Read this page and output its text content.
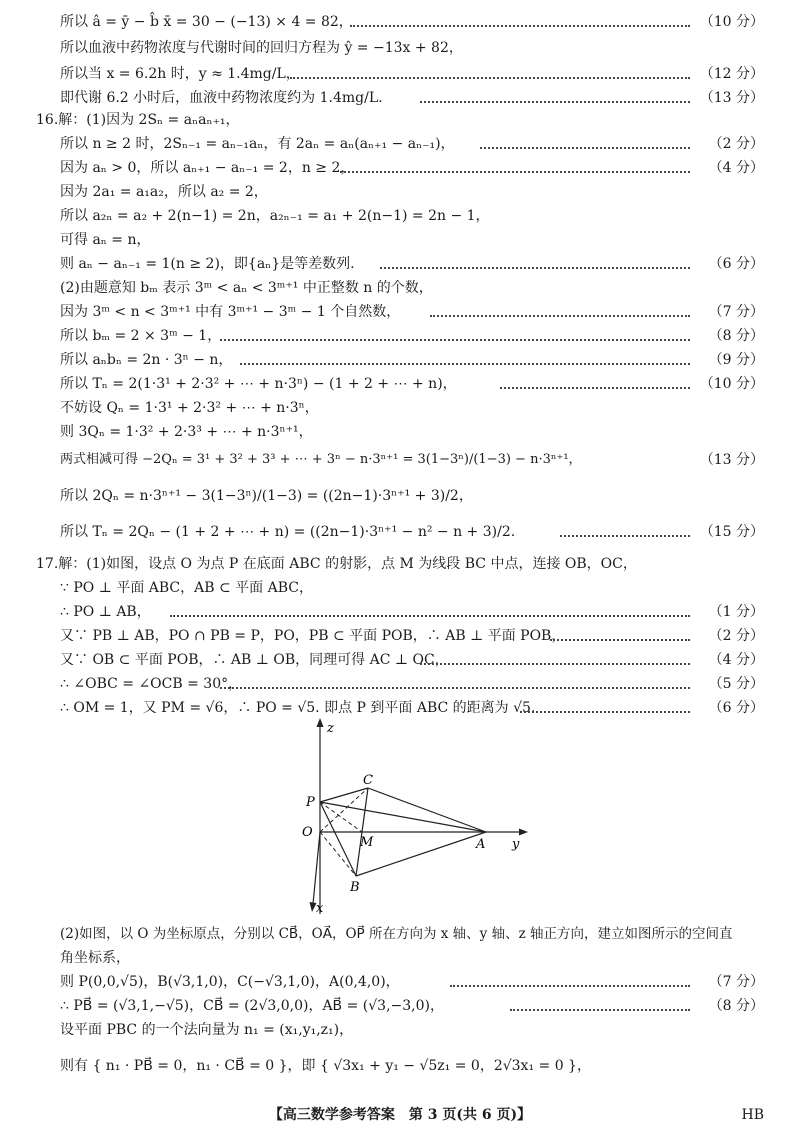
所以 â = ȳ − b̂ x̄ = 30 − (−13) × 4 = 82，	（10 分）
所以血液中药物浓度与代谢时间的回归方程为 ŷ = −13x + 82，
所以当 x = 6.2h 时，y ≈ 1.4mg/L，	（12 分）
即代谢 6.2 小时后，血液中药物浓度约为 1.4mg/L.	（13 分）
16.解：(1)因为 2Sₙ = aₙaₙ₊₁，
所以 n ≥ 2 时，2Sₙ₋₁ = aₙ₋₁aₙ，有 2aₙ = aₙ(aₙ₊₁ − aₙ₋₁)，	（2 分）
因为 aₙ > 0，所以 aₙ₊₁ − aₙ₋₁ = 2，n ≥ 2，	（4 分）
因为 2a₁ = a₁a₂，所以 a₂ = 2，
所以 a₂ₙ = a₂ + 2(n−1) = 2n，a₂ₙ₋₁ = a₁ + 2(n−1) = 2n − 1，
可得 aₙ = n，
则 aₙ − aₙ₋₁ = 1(n ≥ 2)，即{aₙ}是等差数列.	（6 分）
(2)由题意知 bₘ 表示 3ᵐ < aₙ < 3ᵐ⁺¹ 中正整数 n 的个数，
因为 3ᵐ < n < 3ᵐ⁺¹ 中有 3ᵐ⁺¹ − 3ᵐ − 1 个自然数，	（7 分）
所以 bₘ = 2 × 3ᵐ − 1，	（8 分）
所以 aₙbₙ = 2n · 3ⁿ − n，	（9 分）
所以 Tₙ = 2(1·3¹ + 2·3² + ⋯ + n·3ⁿ) − (1 + 2 + ⋯ + n)，	（10 分）
不妨设 Qₙ = 1·3¹ + 2·3² + ⋯ + n·3ⁿ，
则 3Qₙ = 1·3² + 2·3³ + ⋯ + n·3ⁿ⁺¹，
两式相减可得 −2Qₙ = 3¹ + 3² + 3³ + ⋯ + 3ⁿ − n·3ⁿ⁺¹ = 3(1−3ⁿ)/(1−3) − n·3ⁿ⁺¹，	（13 分）
所以 2Qₙ = n·3ⁿ⁺¹ − 3(1−3ⁿ)/(1−3) = ((2n−1)·3ⁿ⁺¹ + 3)/2，
所以 Tₙ = 2Qₙ − (1 + 2 + ⋯ + n) = ((2n−1)·3ⁿ⁺¹ − n² − n + 3)/2.	（15 分）
17.解：(1)如图，设点 O 为点 P 在底面 ABC 的射影，点 M 为线段 BC 中点，连接 OB，OC，
∵ PO ⊥ 平面 ABC，AB ⊂ 平面 ABC，
∴ PO ⊥ AB，	（1 分）
又∵ PB ⊥ AB，PO ∩ PB = P，PO，PB ⊂ 平面 POB，∴ AB ⊥ 平面 POB，	（2 分）
又∵ OB ⊂ 平面 POB，∴ AB ⊥ OB，同理可得 AC ⊥ OC，	（4 分）
∴ ∠OBC = ∠OCB = 30°，	（5 分）
∴ OM = 1，又 PM = √6，∴ PO = √5. 即点 P 到平面 ABC 的距离为 √5.	（6 分）
z
y
x
P
O
C
M	A
B
(2)如图，以 O 为坐标原点，分别以 CB⃗，OA⃗，OP⃗ 所在方向为 x 轴、y 轴、z 轴正方向，建立如图所示的空间直
角坐标系，
则 P(0,0,√5)，B(√3,1,0)，C(−√3,1,0)，A(0,4,0)，	（7 分）
∴ PB⃗ = (√3,1,−√5)，CB⃗ = (2√3,0,0)，AB⃗ = (√3,−3,0)，	（8 分）
设平面 PBC 的一个法向量为 n₁ = (x₁,y₁,z₁)，
则有 { n₁ · PB⃗ = 0，n₁ · CB⃗ = 0 }，即 { √3x₁ + y₁ − √5z₁ = 0，2√3x₁ = 0 }，
【高三数学参考答案　第 3 页(共 6 页)】	HB
